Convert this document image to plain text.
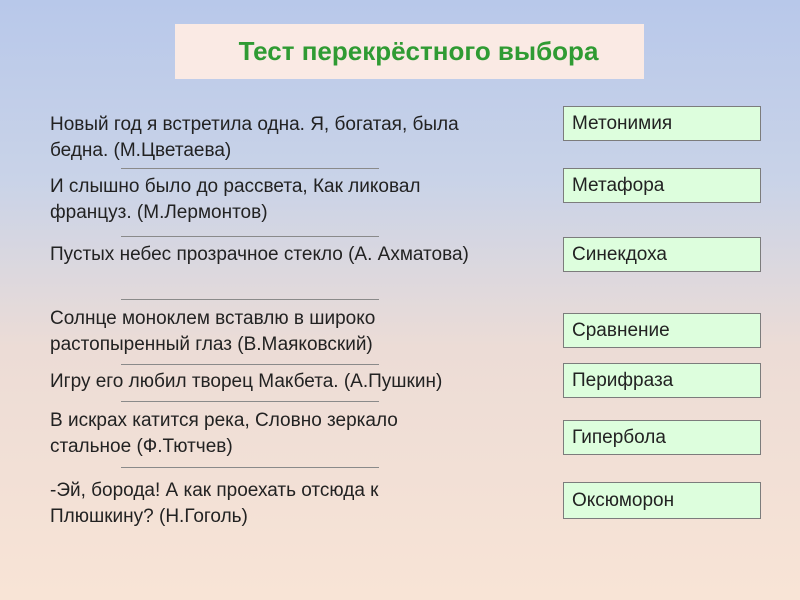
Тест перекрёстного выбора

Новый год я встретила одна. Я, богатая, была бедна. (М.Цветаева)

И слышно было до рассвета, Как ликовал француз. (М.Лермонтов)

Пустых небес прозрачное стекло (А. Ахматова)

Солнце моноклем вставлю в широко растопыренный глаз (В.Маяковский)

Игру его любил творец Макбета. (А.Пушкин)

В искрах катится река, Словно зеркало стальное (Ф.Тютчев)

-Эй, борода! А как проехать отсюда к Плюшкину? (Н.Гоголь)

Метонимия
Метафора
Синекдоха
Сравнение
Перифраза
Гипербола
Оксюморон
